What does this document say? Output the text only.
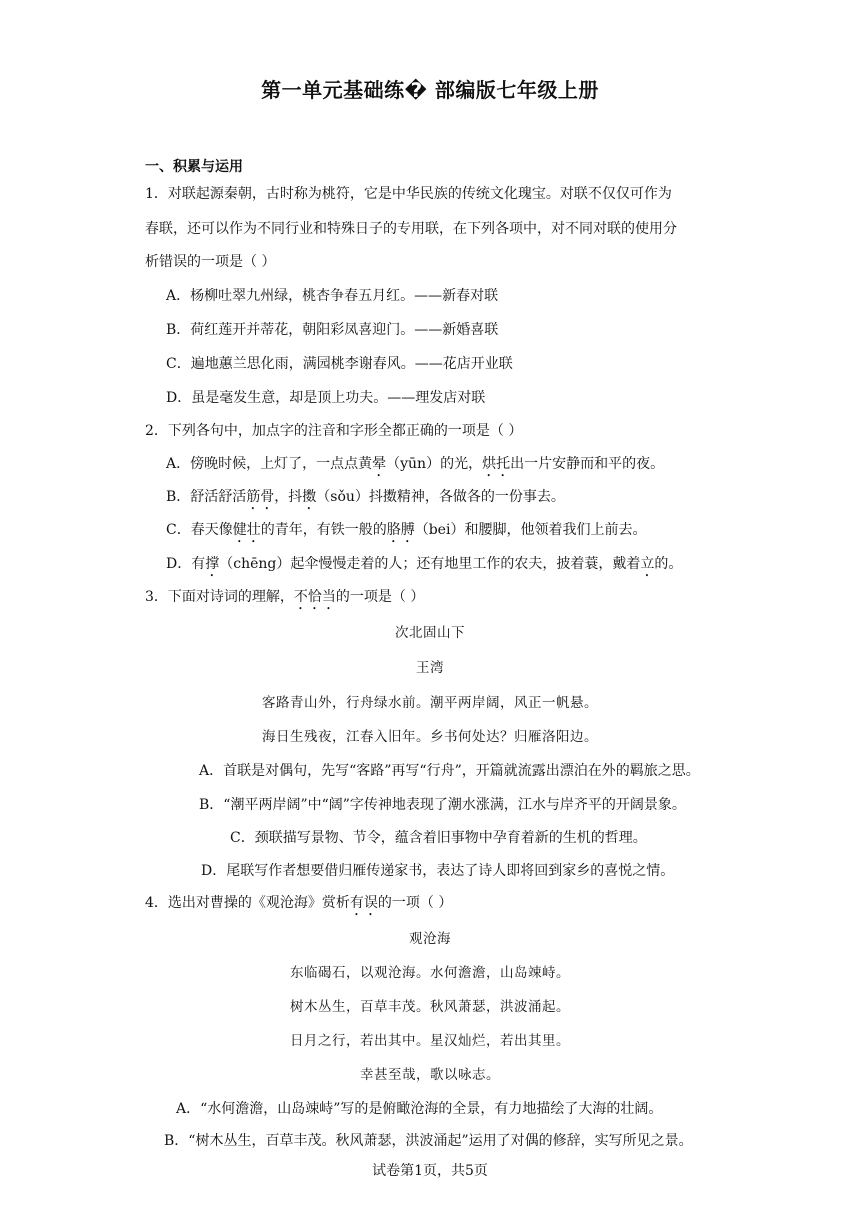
第一单元基础练� 部编版七年级上册
一、积累与运用
1．对联起源秦朝，古时称为桃符，它是中华民族的传统文化瑰宝。对联不仅仅可作为
春联，还可以作为不同行业和特殊日子的专用联，在下列各项中，对不同对联的使用分
析错误的一项是（ ）
A．杨柳吐翠九州绿，桃杏争春五月红。——新春对联
B．荷红莲开并蒂花，朝阳彩凤喜迎门。——新婚喜联
C．遍地蕙兰思化雨，满园桃李谢春风。——花店开业联
D．虽是毫发生意，却是顶上功夫。——理发店对联
2．下列各句中，加点字的注音和字形全都正确的一项是（ ）
A．傍晚时候，上灯了，一点点黄晕（yūn）的光，烘托出一片安静而和平的夜。
B．舒活舒活筋骨，抖擞（sǒu）抖擞精神，各做各的一份事去。
C．春天像健壮的青年，有铁一般的胳膊（bei）和腰脚，他领着我们上前去。
D．有撑（chēng）起伞慢慢走着的人；还有地里工作的农夫，披着蓑，戴着立的。
3．下面对诗词的理解，不恰当的一项是（ ）
次北固山下
王湾
客路青山外，行舟绿水前。潮平两岸阔，风正一帆悬。
海日生残夜，江春入旧年。乡书何处达？归雁洛阳边。
A．首联是对偶句，先写“客路”再写“行舟”，开篇就流露出漂泊在外的羁旅之思。
B．“潮平两岸阔”中“阔”字传神地表现了潮水涨满，江水与岸齐平的开阔景象。
C．颈联描写景物、节令，蕴含着旧事物中孕育着新的生机的哲理。
D．尾联写作者想要借归雁传递家书，表达了诗人即将回到家乡的喜悦之情。
4．选出对曹操的《观沧海》赏析有误的一项（ ）
观沧海
东临碣石，以观沧海。水何澹澹，山岛竦峙。
树木丛生，百草丰茂。秋风萧瑟，洪波涌起。
日月之行，若出其中。星汉灿烂，若出其里。
幸甚至哉，歌以咏志。
A．“水何澹澹，山岛竦峙”写的是俯瞰沧海的全景，有力地描绘了大海的壮阔。
B．“树木丛生，百草丰茂。秋风萧瑟，洪波涌起”运用了对偶的修辞，实写所见之景。
试卷第1页，共5页
